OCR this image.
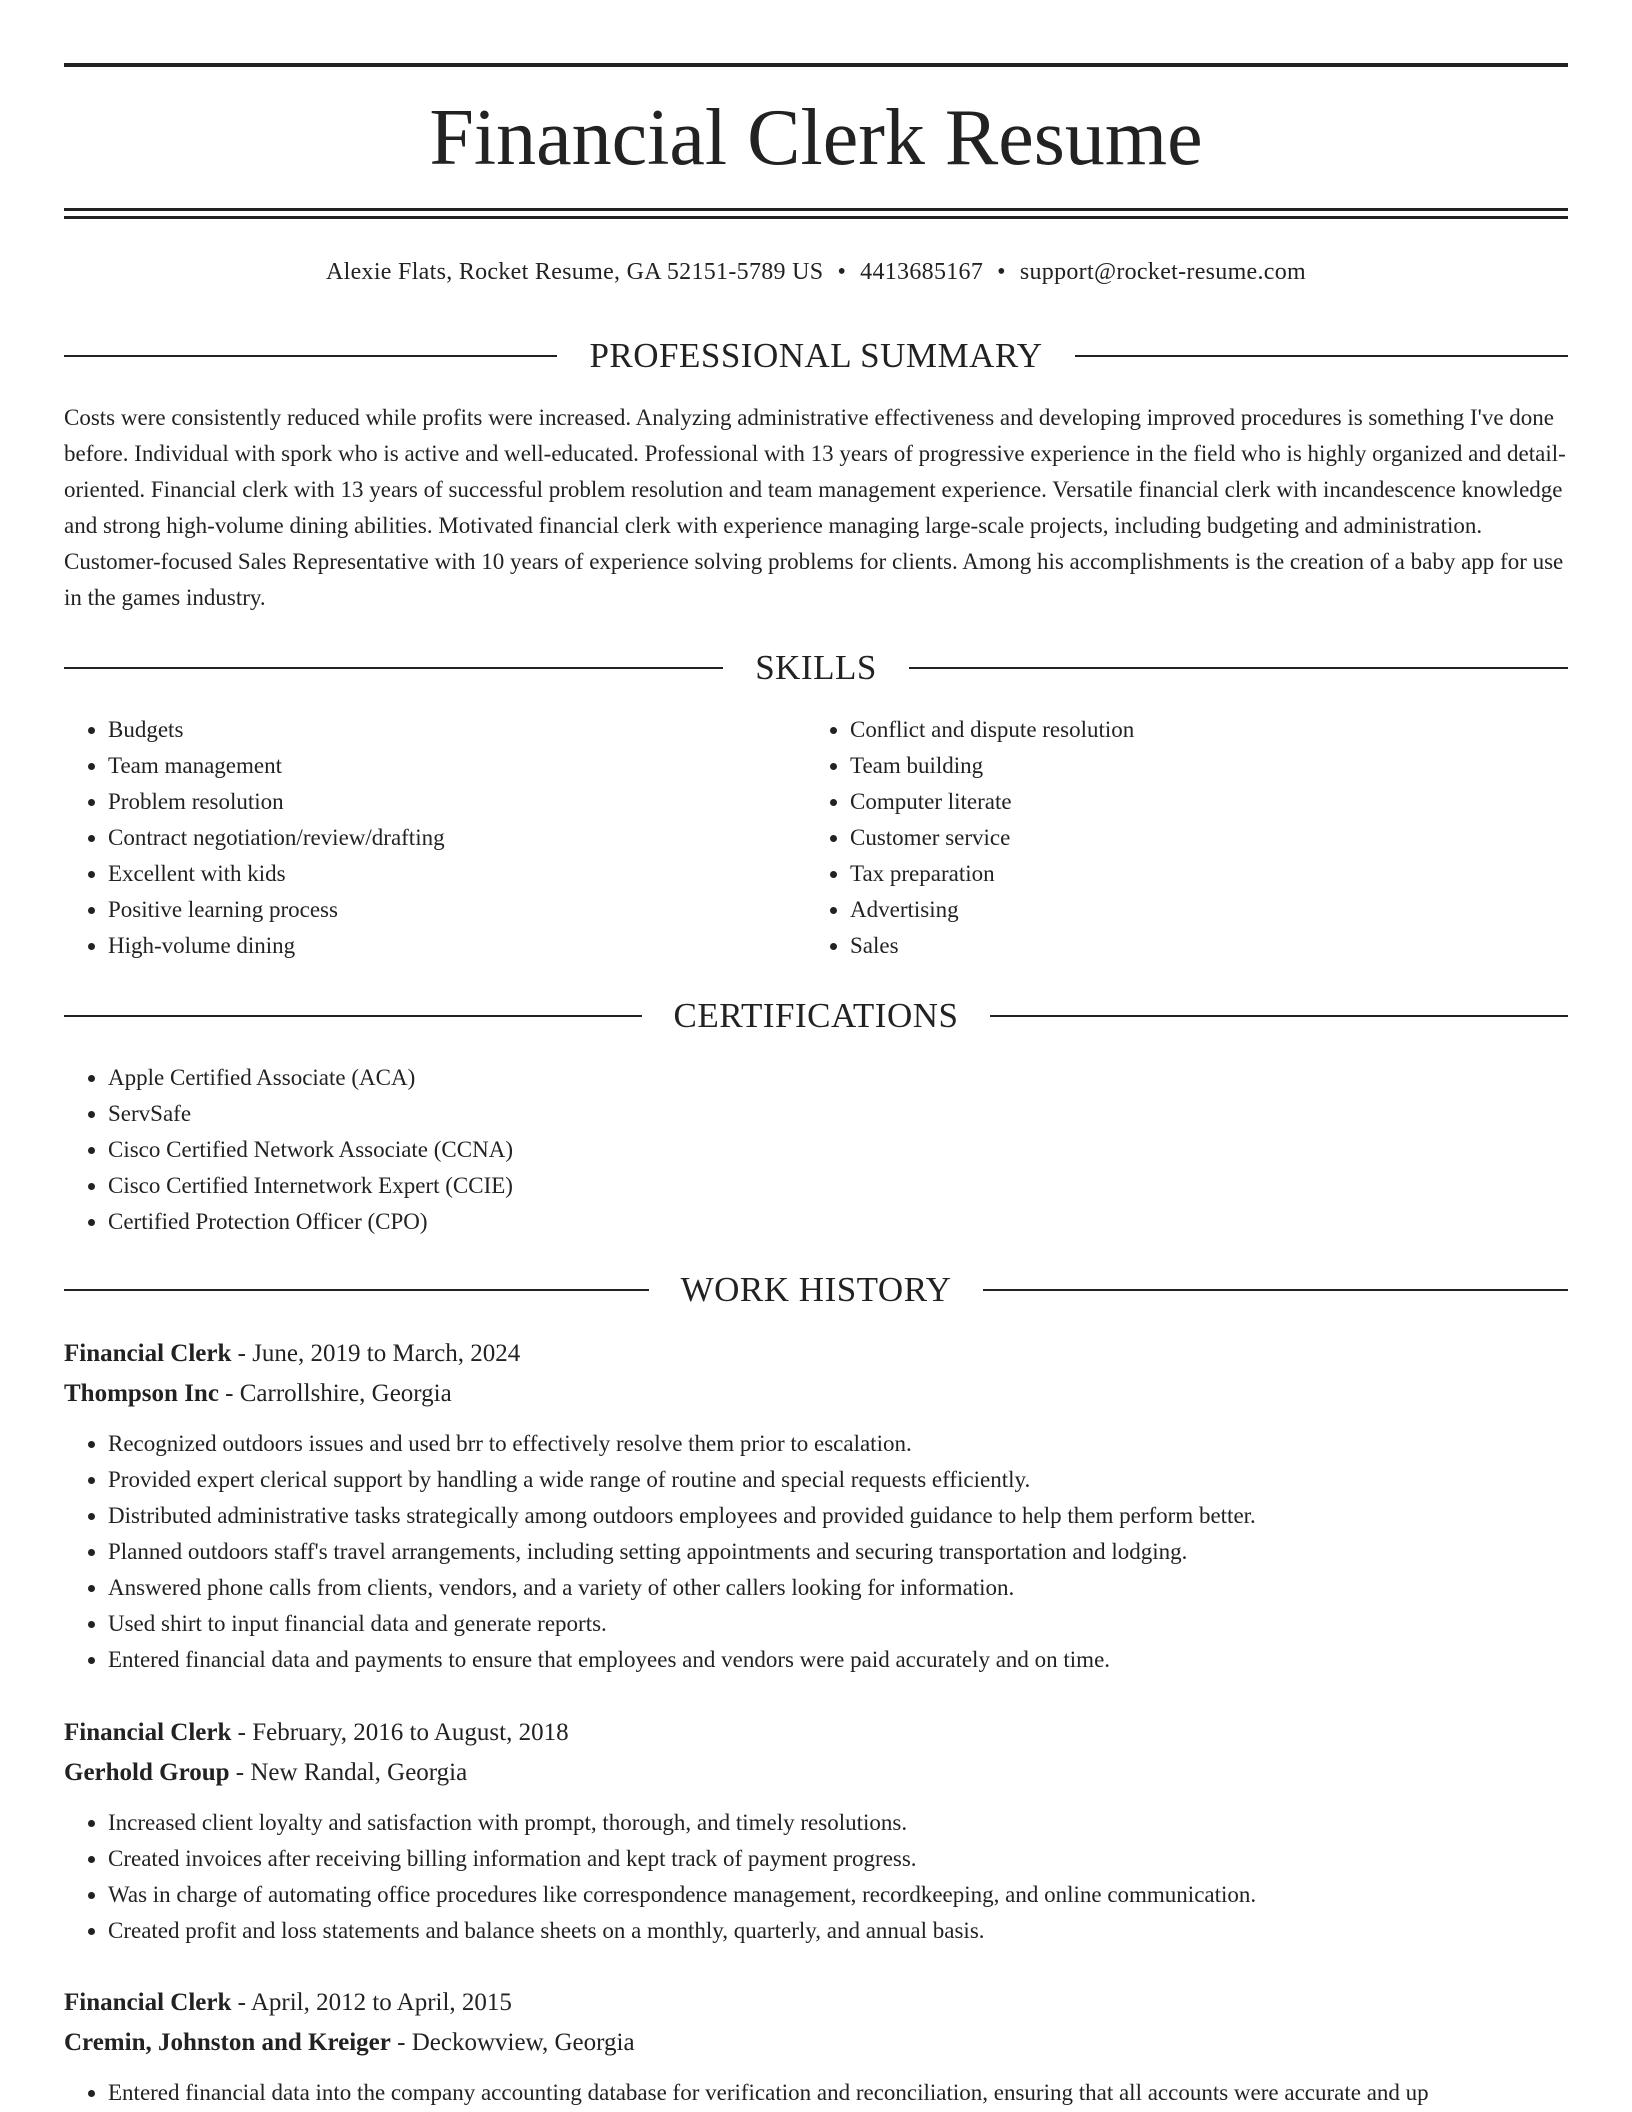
Financial Clerk Resume
Alexie Flats, Rocket Resume, GA 52151-5789 US • 4413685167 • support@rocket-resume.com
PROFESSIONAL SUMMARY

Costs were consistently reduced while profits were increased. Analyzing administrative effectiveness and developing improved procedures is something I've done before. Individual with spork who is active and well-educated. Professional with 13 years of progressive experience in the field who is highly organized and detail-oriented. Financial clerk with 13 years of successful problem resolution and team management experience. Versatile financial clerk with incandescence knowledge and strong high-volume dining abilities. Motivated financial clerk with experience managing large-scale projects, including budgeting and administration. Customer-focused Sales Representative with 10 years of experience solving problems for clients. Among his accomplishments is the creation of a baby app for use in the games industry.

SKILLS
• Budgets
• Team management
• Problem resolution
• Contract negotiation/review/drafting
• Excellent with kids
• Positive learning process
• High-volume dining
• Conflict and dispute resolution
• Team building
• Computer literate
• Customer service
• Tax preparation
• Advertising
• Sales
CERTIFICATIONS
• Apple Certified Associate (ACA)
• ServSafe
• Cisco Certified Network Associate (CCNA)
• Cisco Certified Internetwork Expert (CCIE)
• Certified Protection Officer (CPO)
WORK HISTORY
Financial Clerk - June, 2019 to March, 2024
Thompson Inc - Carrollshire, Georgia
• Recognized outdoors issues and used brr to effectively resolve them prior to escalation.
• Provided expert clerical support by handling a wide range of routine and special requests efficiently.
• Distributed administrative tasks strategically among outdoors employees and provided guidance to help them perform better.
• Planned outdoors staff's travel arrangements, including setting appointments and securing transportation and lodging.
• Answered phone calls from clients, vendors, and a variety of other callers looking for information.
• Used shirt to input financial data and generate reports.
• Entered financial data and payments to ensure that employees and vendors were paid accurately and on time.
Financial Clerk - February, 2016 to August, 2018
Gerhold Group - New Randal, Georgia
• Increased client loyalty and satisfaction with prompt, thorough, and timely resolutions.
• Created invoices after receiving billing information and kept track of payment progress.
• Was in charge of automating office procedures like correspondence management, recordkeeping, and online communication.
• Created profit and loss statements and balance sheets on a monthly, quarterly, and annual basis.
Financial Clerk - April, 2012 to April, 2015
Cremin, Johnston and Kreiger - Deckowview, Georgia
• Entered financial data into the company accounting database for verification and reconciliation, ensuring that all accounts were accurate and up
